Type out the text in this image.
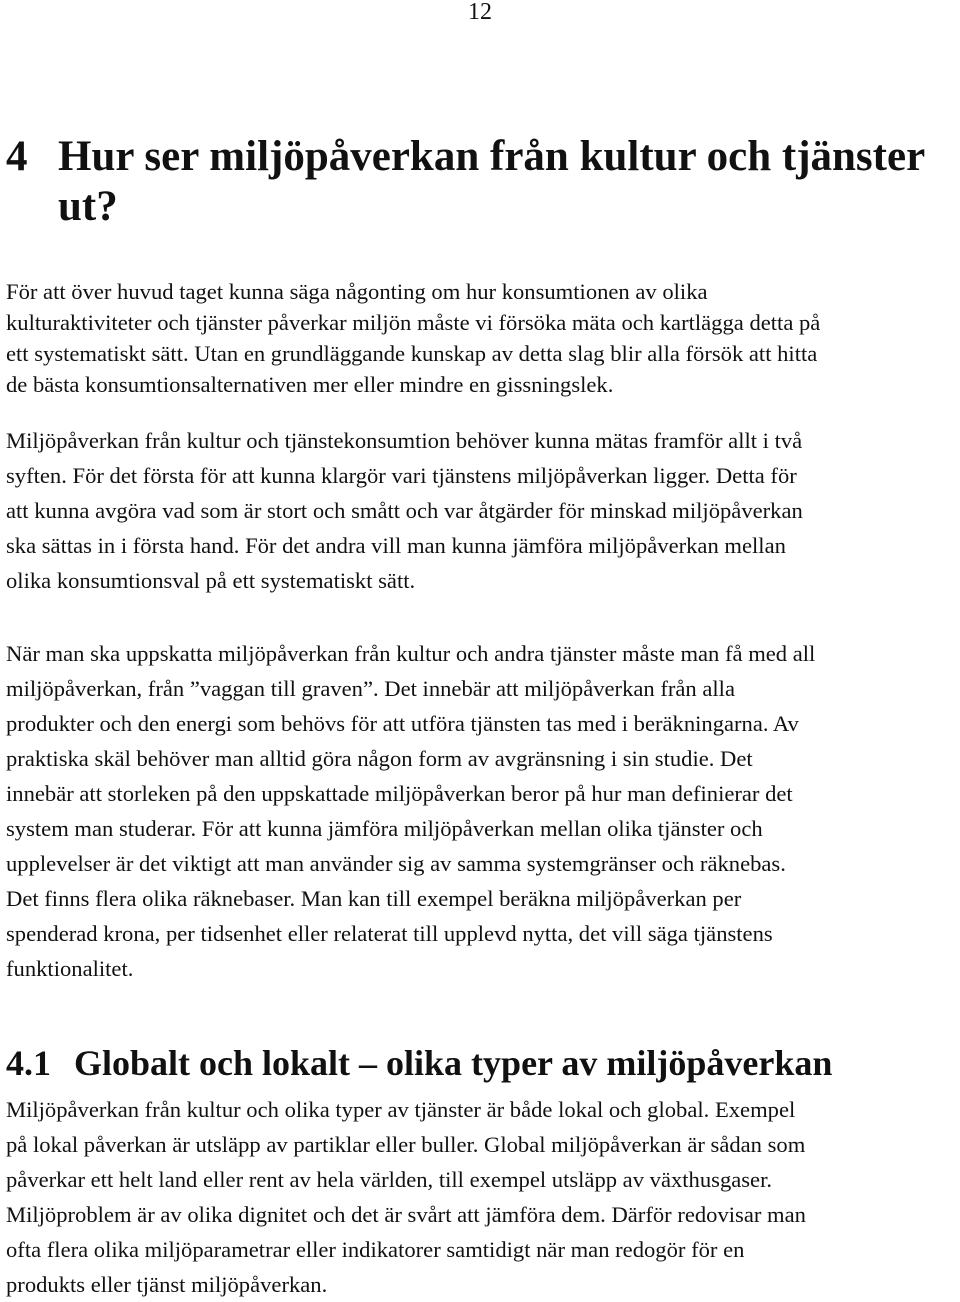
12
4 Hur ser miljöpåverkan från kultur och tjänster
ut?

För att över huvud taget kunna säga någonting om hur konsumtionen av olika
kulturaktiviteter och tjänster påverkar miljön måste vi försöka mäta och kartlägga detta på
ett systematiskt sätt. Utan en grundläggande kunskap av detta slag blir alla försök att hitta
de bästa konsumtionsalternativen mer eller mindre en gissningslek.

Miljöpåverkan från kultur och tjänstekonsumtion behöver kunna mätas framför allt i två
syften. För det första för att kunna klargör vari tjänstens miljöpåverkan ligger. Detta för
att kunna avgöra vad som är stort och smått och var åtgärder för minskad miljöpåverkan
ska sättas in i första hand. För det andra vill man kunna jämföra miljöpåverkan mellan
olika konsumtionsval på ett systematiskt sätt.

När man ska uppskatta miljöpåverkan från kultur och andra tjänster måste man få med all
miljöpåverkan, från ”vaggan till graven”. Det innebär att miljöpåverkan från alla
produkter och den energi som behövs för att utföra tjänsten tas med i beräkningarna. Av
praktiska skäl behöver man alltid göra någon form av avgränsning i sin studie. Det
innebär att storleken på den uppskattade miljöpåverkan beror på hur man definierar det
system man studerar. För att kunna jämföra miljöpåverkan mellan olika tjänster och
upplevelser är det viktigt att man använder sig av samma systemgränser och räknebas.
Det finns flera olika räknebaser. Man kan till exempel beräkna miljöpåverkan per
spenderad krona, per tidsenhet eller relaterat till upplevd nytta, det vill säga tjänstens
funktionalitet.

4.1 Globalt och lokalt – olika typer av miljöpåverkan

Miljöpåverkan från kultur och olika typer av tjänster är både lokal och global. Exempel
på lokal påverkan är utsläpp av partiklar eller buller. Global miljöpåverkan är sådan som
påverkar ett helt land eller rent av hela världen, till exempel utsläpp av växthusgaser.
Miljöproblem är av olika dignitet och det är svårt att jämföra dem. Därför redovisar man
ofta flera olika miljöparametrar eller indikatorer samtidigt när man redogör för en
produkts eller tjänst miljöpåverkan.
